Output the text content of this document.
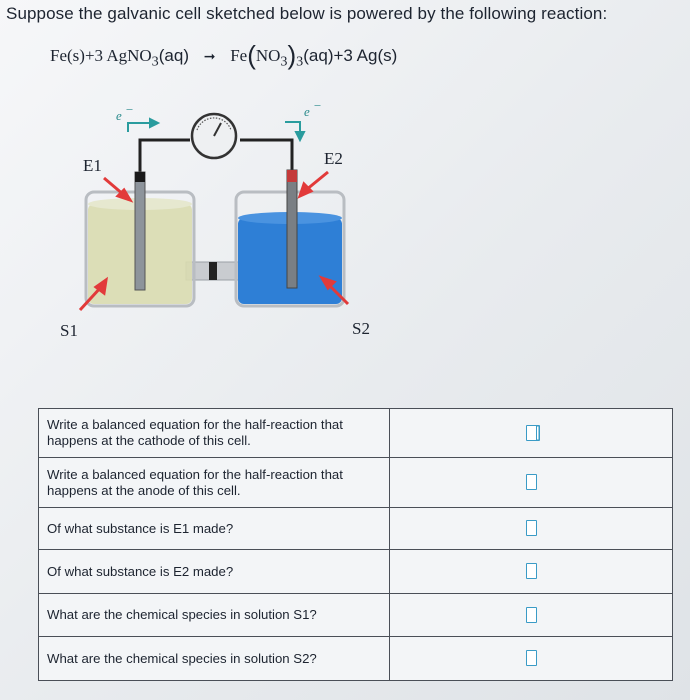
Suppose the galvanic cell sketched below is powered by the following reaction:
Fe(s)+3 AgNO$_3$(aq) ➞ $Fe(NO_3)_3(aq)+3$ Ag(s)
e −	e −
E1	E2
S1	S2
Write a balanced equation for the half-reaction that happens at the cathode of this cell.	
Write a balanced equation for the half-reaction that happens at the anode of this cell.	
Of what substance is E1 made?	
Of what substance is E2 made?	
What are the chemical species in solution S1?	
What are the chemical species in solution S2?	
